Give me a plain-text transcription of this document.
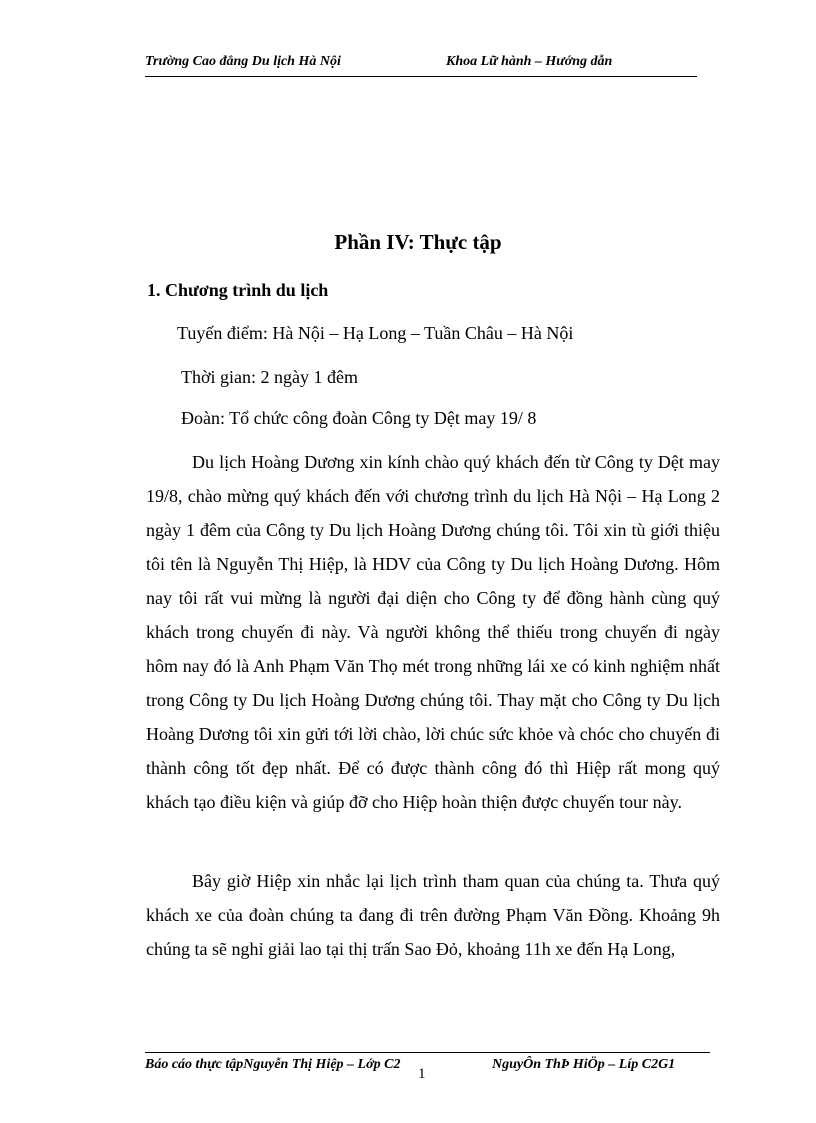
Trường Cao đẳng Du lịch Hà Nội	Khoa Lữ hành – Hướng dẫn
Phần IV: Thực tập
1. Chương trình du lịch
Tuyến điểm: Hà Nội – Hạ Long – Tuần Châu – Hà Nội
Thời gian: 2 ngày 1 đêm
Đoàn: Tổ chức công đoàn Công ty Dệt may 19/ 8

Du lịch Hoàng Dương xin kính chào quý khách đến từ Công ty Dệt may 19/8, chào mừng quý khách đến với chương trình du lịch Hà Nội – Hạ Long 2 ngày 1 đêm của Công ty Du lịch Hoàng Dương chúng tôi. Tôi xin tù giới thiệu tôi tên là Nguyễn Thị Hiệp, là HDV của Công ty Du lịch Hoàng Dương. Hôm nay tôi rất vui mừng là người đại diện cho Công ty để đồng hành cùng quý khách trong chuyến đi này. Và người không thể thiếu trong chuyến đi ngày hôm nay đó là Anh Phạm Văn Thọ mét trong những lái xe có kinh nghiệm nhất trong Công ty Du lịch Hoàng Dương chúng tôi. Thay mặt cho Công ty Du lịch Hoàng Dương tôi xin gửi tới lời chào, lời chúc sức khỏe và chóc cho chuyến đi thành công tốt đẹp nhất. Để có được thành công đó thì Hiệp rất mong quý khách tạo điều kiện và giúp đỡ cho Hiệp hoàn thiện được chuyến tour này.

Bây giờ Hiệp xin nhắc lại lịch trình tham quan của chúng ta. Thưa quý khách xe của đoàn chúng ta đang đi trên đường Phạm Văn Đồng. Khoảng 9h chúng ta sẽ nghỉ giải lao tại thị trấn Sao Đỏ, khoảng 11h xe đến Hạ Long,

Báo cáo thực tậpNguyễn Thị Hiệp – Lớp C2	NguyÔn ThÞ HiÖp – Líp C2G1
1
